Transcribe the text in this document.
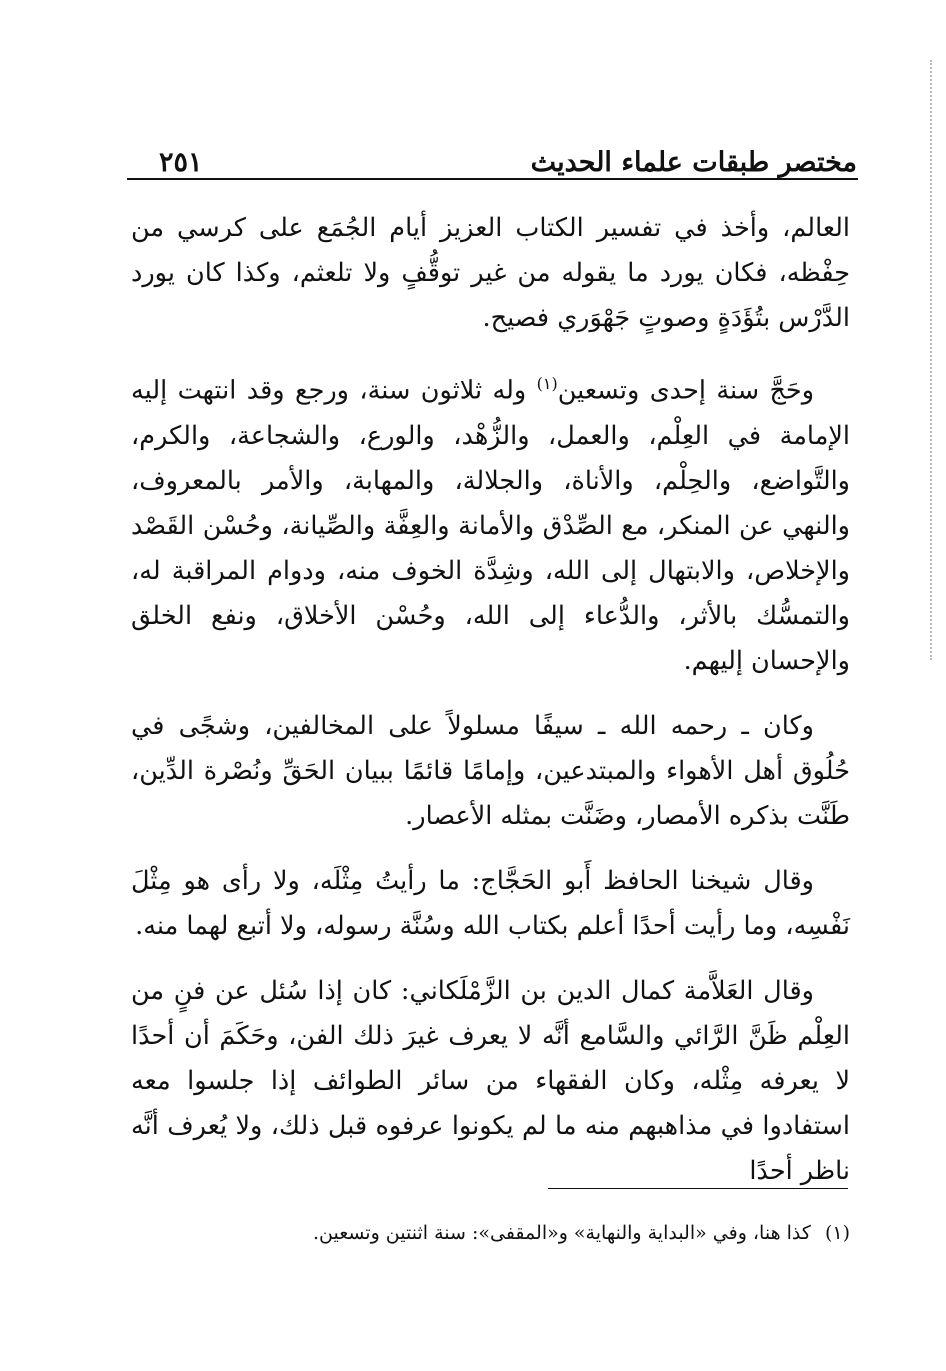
مختصر طبقات علماء الحديث
٢٥١

العالم، وأخذ في تفسير الكتاب العزيز أيام الجُمَع على كرسي من حِفْظه، فكان يورد ما يقوله من غير توقُّفٍ ولا تلعثم، وكذا كان يورد الدَّرْس بتُؤَدَةٍ وصوتٍ جَهْوَري فصيح.

وحَجَّ سنة إحدى وتسعين$^{(١)}$ وله ثلاثون سنة، ورجع وقد انتهت إليه الإمامة في العِلْم، والعمل، والزُّهْد، والورع، والشجاعة، والكرم، والتَّواضع، والحِلْم، والأناة، والجلالة، والمهابة، والأمر بالمعروف، والنهي عن المنكر، مع الصِّدْق والأمانة والعِفَّة والصِّيانة، وحُسْن القَصْد والإخلاص، والابتهال إلى الله، وشِدَّة الخوف منه، ودوام المراقبة له، والتمسُّك بالأثر، والدُّعاء إلى الله، وحُسْن الأخلاق، ونفع الخلق والإحسان إليهم.

وكان ـ رحمه الله ـ سيفًا مسلولاً على المخالفين، وشجًى في حُلُوق أهل الأهواء والمبتدعين، وإمامًا قائمًا ببيان الحَقِّ ونُصْرة الدِّين، طَنَّت بذكره الأمصار، وضَنَّت بمثله الأعصار.

وقال شيخنا الحافظ أَبو الحَجَّاج: ما رأيتُ مِثْلَه، ولا رأى هو مِثْلَ نَفْسِه، وما رأيت أحدًا أعلم بكتاب الله وسُنَّة رسوله، ولا أتبع لهما منه.

وقال العَلاَّمة كمال الدين بن الزَّمْلَكاني: كان إذا سُئل عن فنٍ من العِلْم ظَنَّ الرَّائي والسَّامع أنَّه لا يعرف غيرَ ذلك الفن، وحَكَمَ أن أحدًا لا يعرفه مِثْله، وكان الفقهاء من سائر الطوائف إذا جلسوا معه استفادوا في مذاهبهم منه ما لم يكونوا عرفوه قبل ذلك، ولا يُعرف أنَّه ناظر أحدًا

(١)كذا هنا، وفي «البداية والنهاية» و«المقفى»: سنة اثنتين وتسعين.
